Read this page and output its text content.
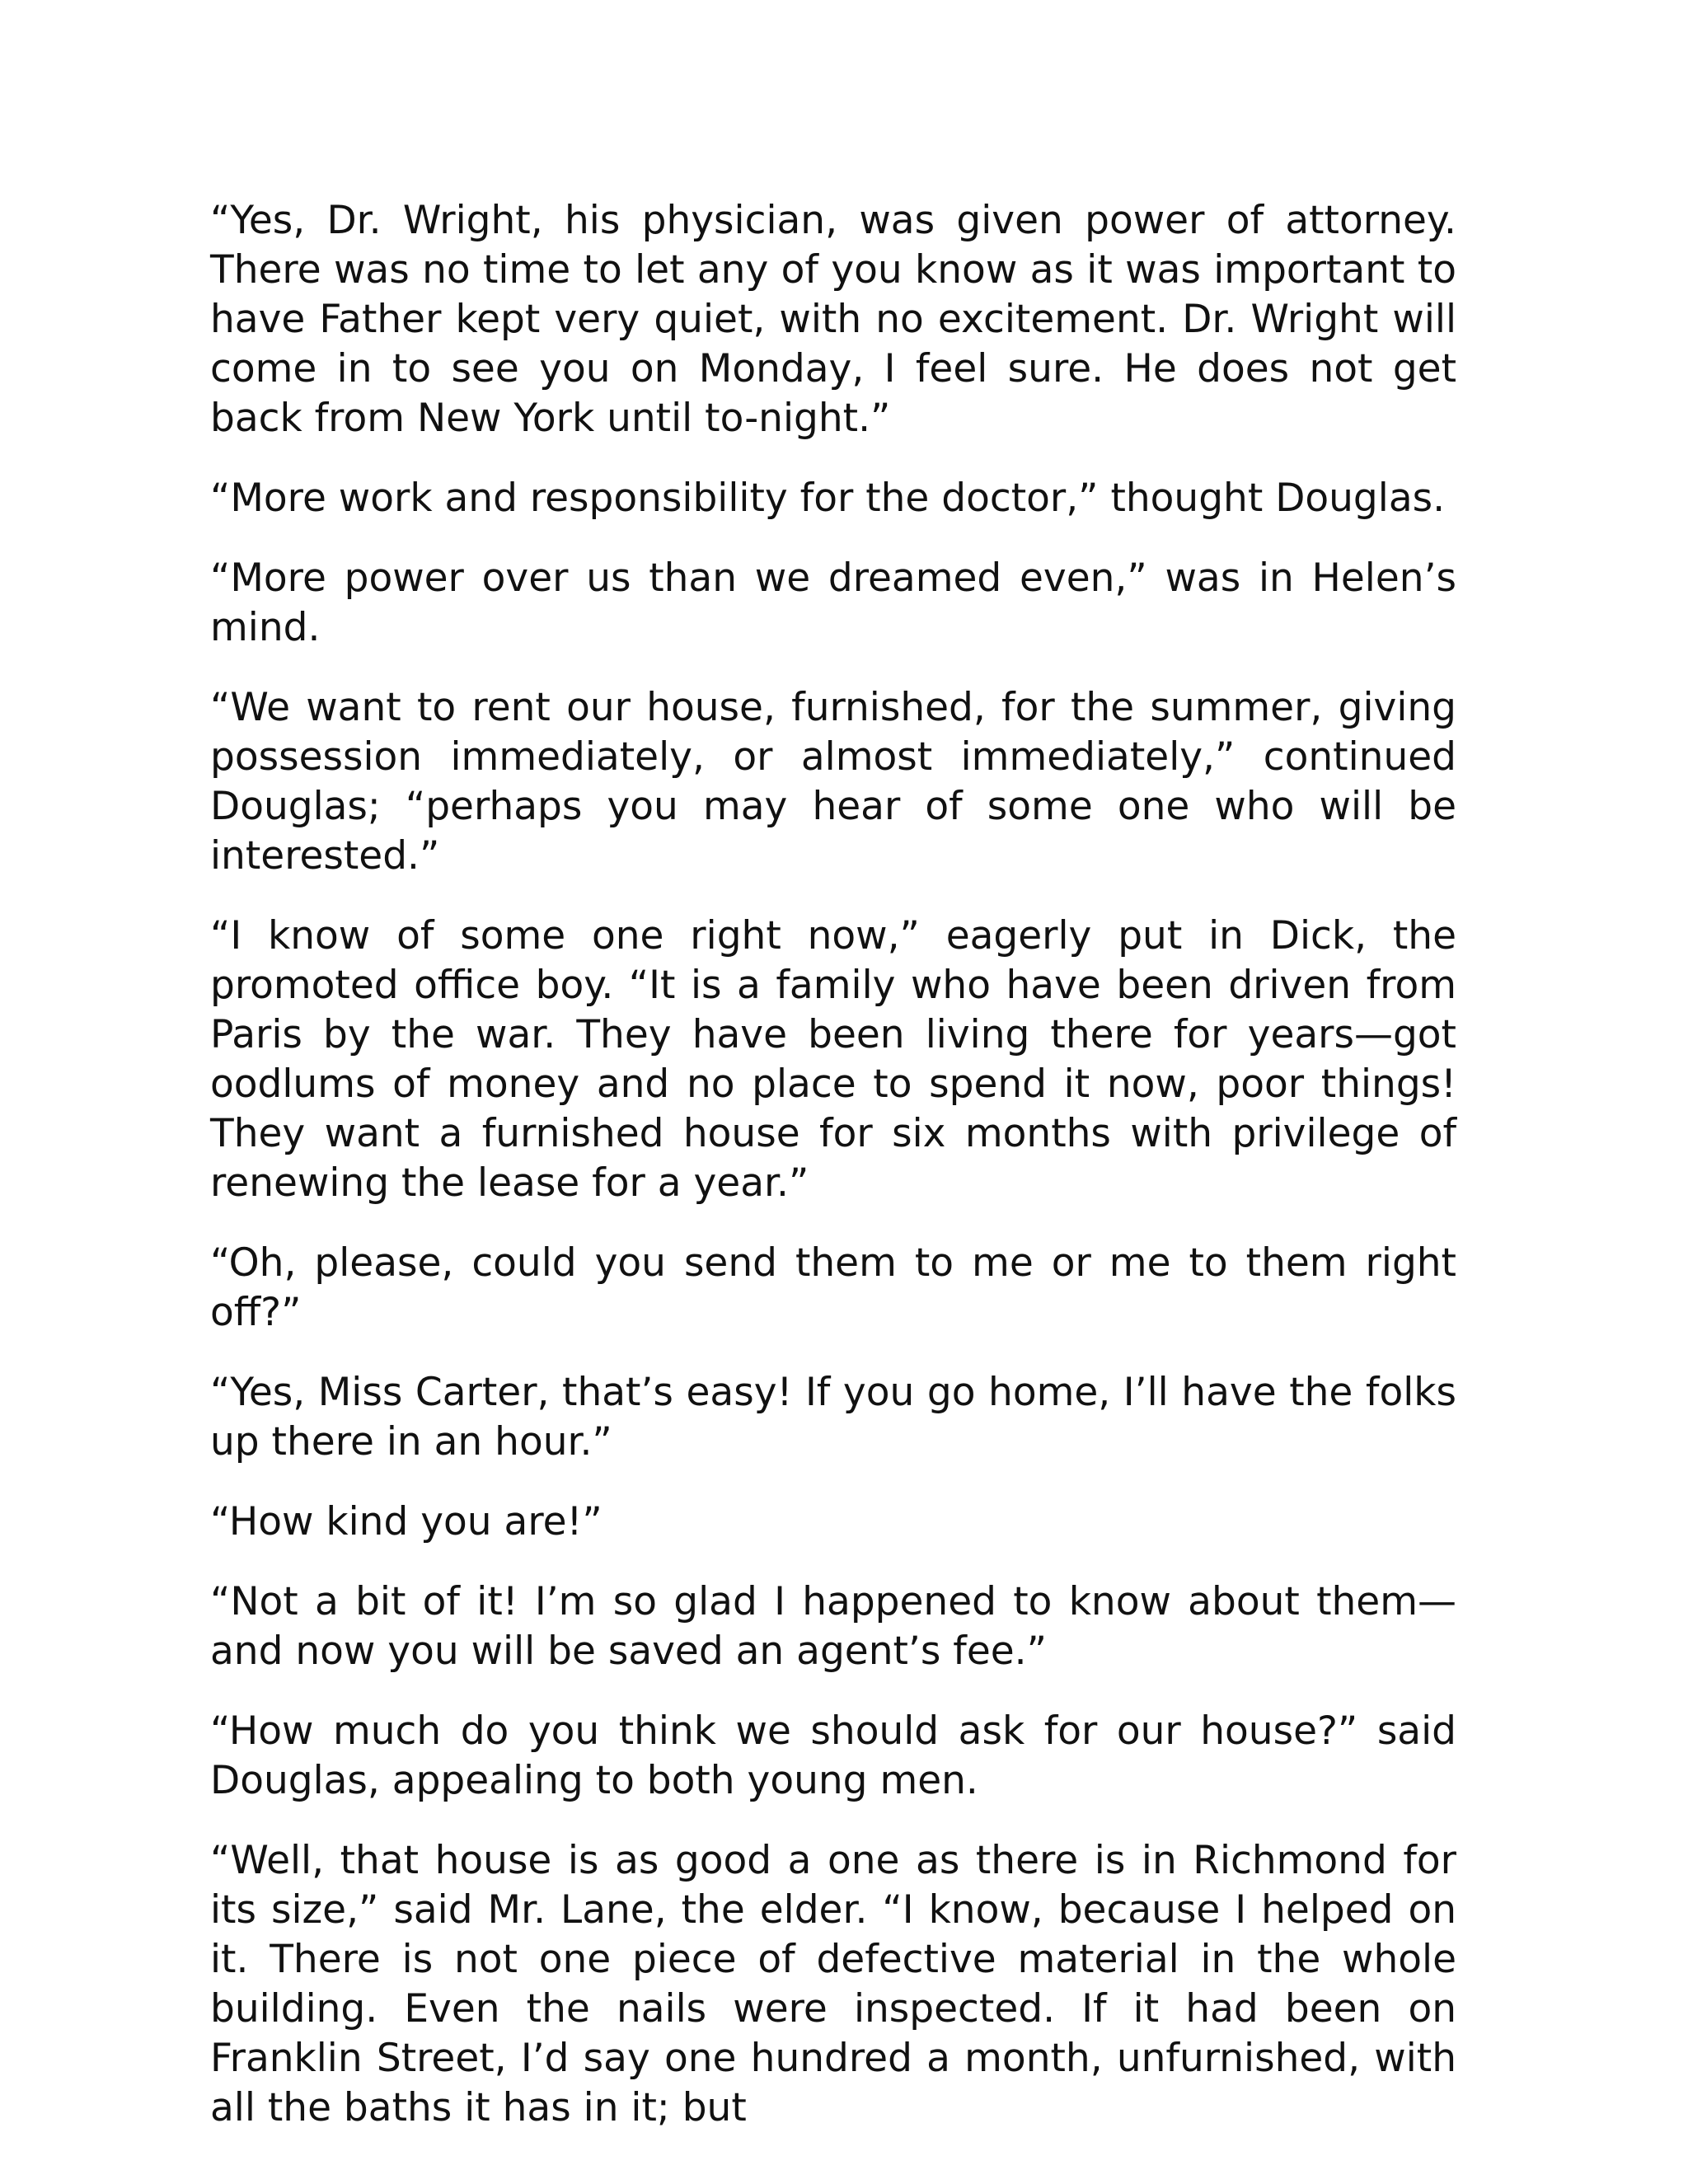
“Yes, Dr. Wright, his physician, was given power of attorney. There was no time to let any of you know as it was important to have Father kept very quiet, with no excitement. Dr. Wright will come in to see you on Monday, I feel sure. He does not get back from New York until to-night.”

“More work and responsibility for the doctor,” thought Douglas.

“More power over us than we dreamed even,” was in Helen’s mind.

“We want to rent our house, furnished, for the summer, giving possession immediately, or almost immediately,” continued Douglas; “perhaps you may hear of some one who will be interested.”

“I know of some one right now,” eagerly put in Dick, the promoted office boy. “It is a family who have been driven from Paris by the war. They have been living there for years—got oodlums of money and no place to spend it now, poor things! They want a furnished house for six months with privilege of renewing the lease for a year.”

“Oh, please, could you send them to me or me to them right off?”

“Yes, Miss Carter, that’s easy! If you go home, I’ll have the folks up there in an hour.”

“How kind you are!”

“Not a bit of it! I’m so glad I happened to know about them—and now you will be saved an agent’s fee.”

“How much do you think we should ask for our house?” said Douglas, appealing to both young men.

“Well, that house is as good a one as there is in Richmond for its size,” said Mr. Lane, the elder. “I know, because I helped on it. There is not one piece of defective material in the whole building. Even the nails were inspected. If it had been on Franklin Street, I’d say one hundred a month, unfurnished, with all the baths it has in it; but
